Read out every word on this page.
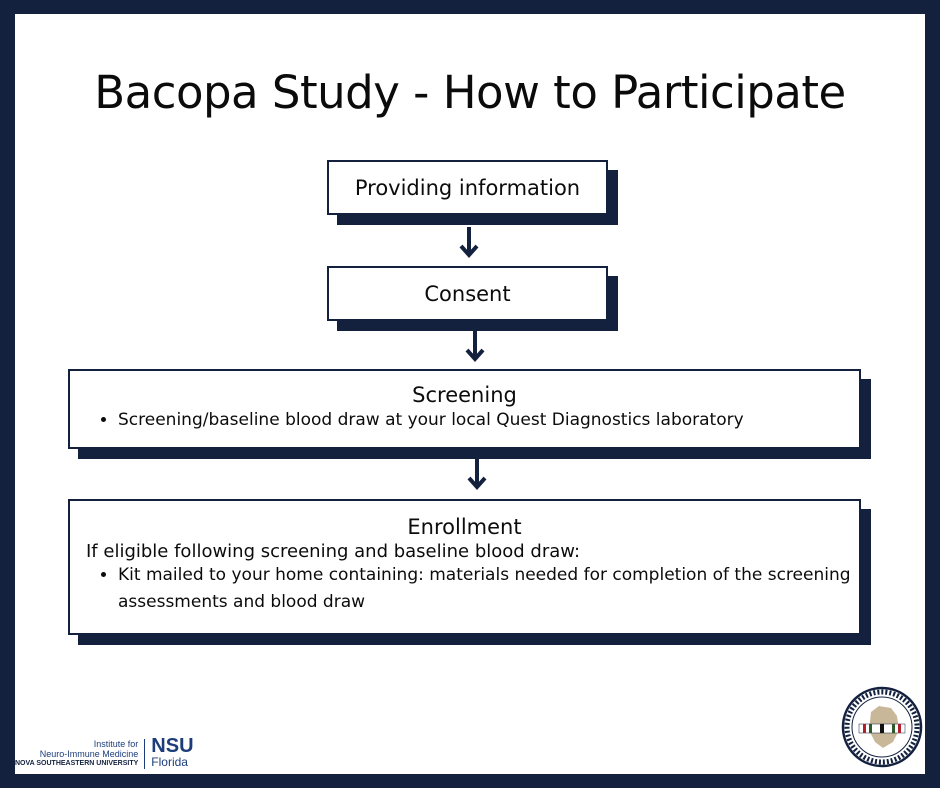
Bacopa Study - How to Participate
Providing information
Consent
Screening
• Screening/baseline blood draw at your local Quest Diagnostics laboratory
Enrollment
If eligible following screening and baseline blood draw:
• Kit mailed to your home containing: materials needed for completion of the screening assessments and blood draw
Institute for
Neuro-Immune Medicine
NOVA SOUTHEASTERN UNIVERSITY
NSU
Florida
